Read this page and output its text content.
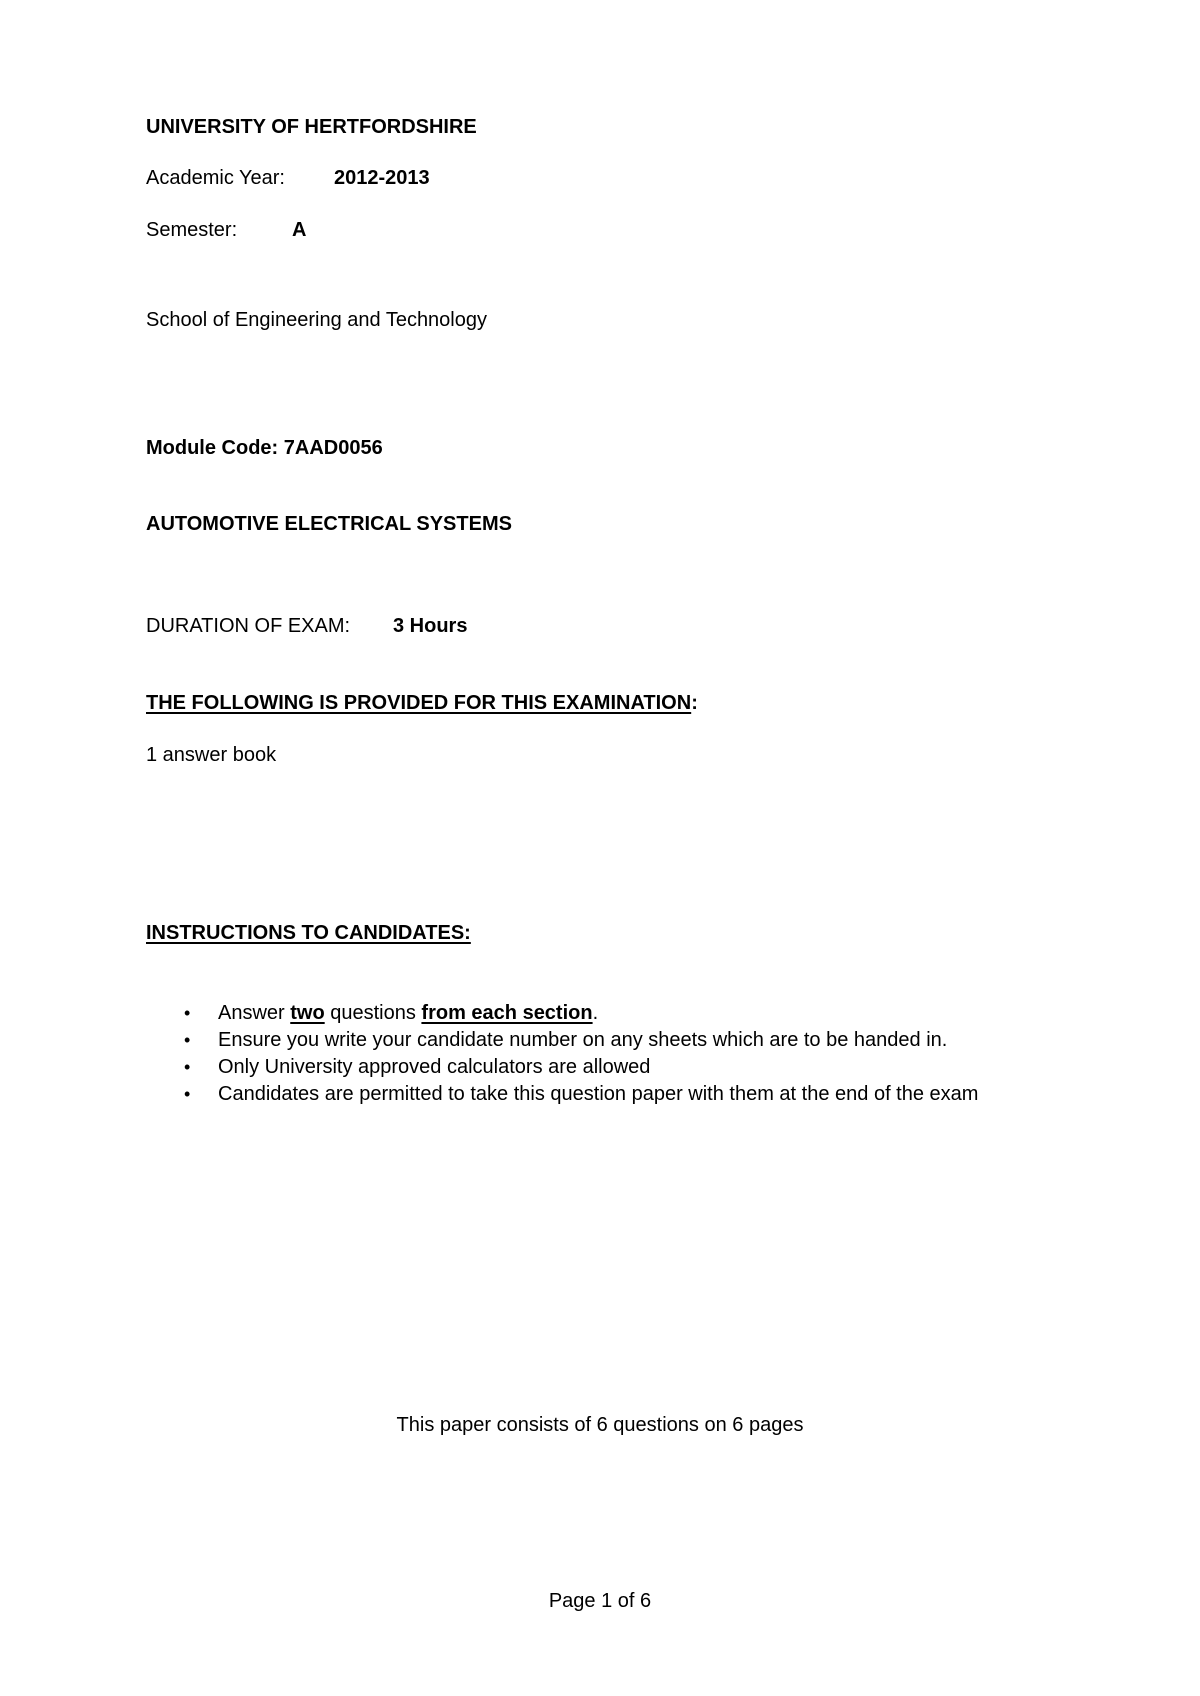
UNIVERSITY OF HERTFORDSHIRE
Academic Year: 2012-2013
Semester:	A
School of Engineering and Technology
Module Code: 7AAD0056
AUTOMOTIVE ELECTRICAL SYSTEMS
DURATION OF EXAM: 3 Hours
THE FOLLOWING IS PROVIDED FOR THIS EXAMINATION:
1 answer book
INSTRUCTIONS TO CANDIDATES:
• Answer two questions from each section.
• Ensure you write your candidate number on any sheets which are to be handed in.
• Only University approved calculators are allowed
• Candidates are permitted to take this question paper with them at the end of the exam
This paper consists of 6 questions on 6 pages
Page 1 of 6
